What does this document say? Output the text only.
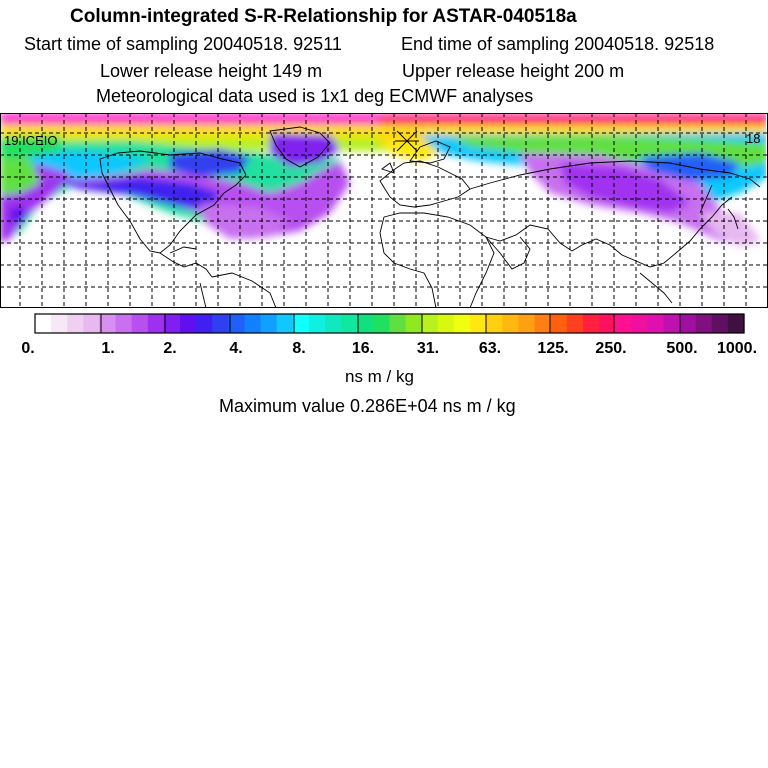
Column-integrated S-R-Relationship for ASTAR-040518a
Start time of sampling 20040518. 92511	End time of sampling 20040518. 92518
Lower release height 149 m	Upper release height 200 m
Meteorological data used is 1x1 deg ECMWF analyses
19 ICEIO	18
0.	1.	2.	4.	8.	16.	31. 63. 125. 250. 500. 1000.
ns m / kg
Maximum value 0.286E+04 ns m / kg
